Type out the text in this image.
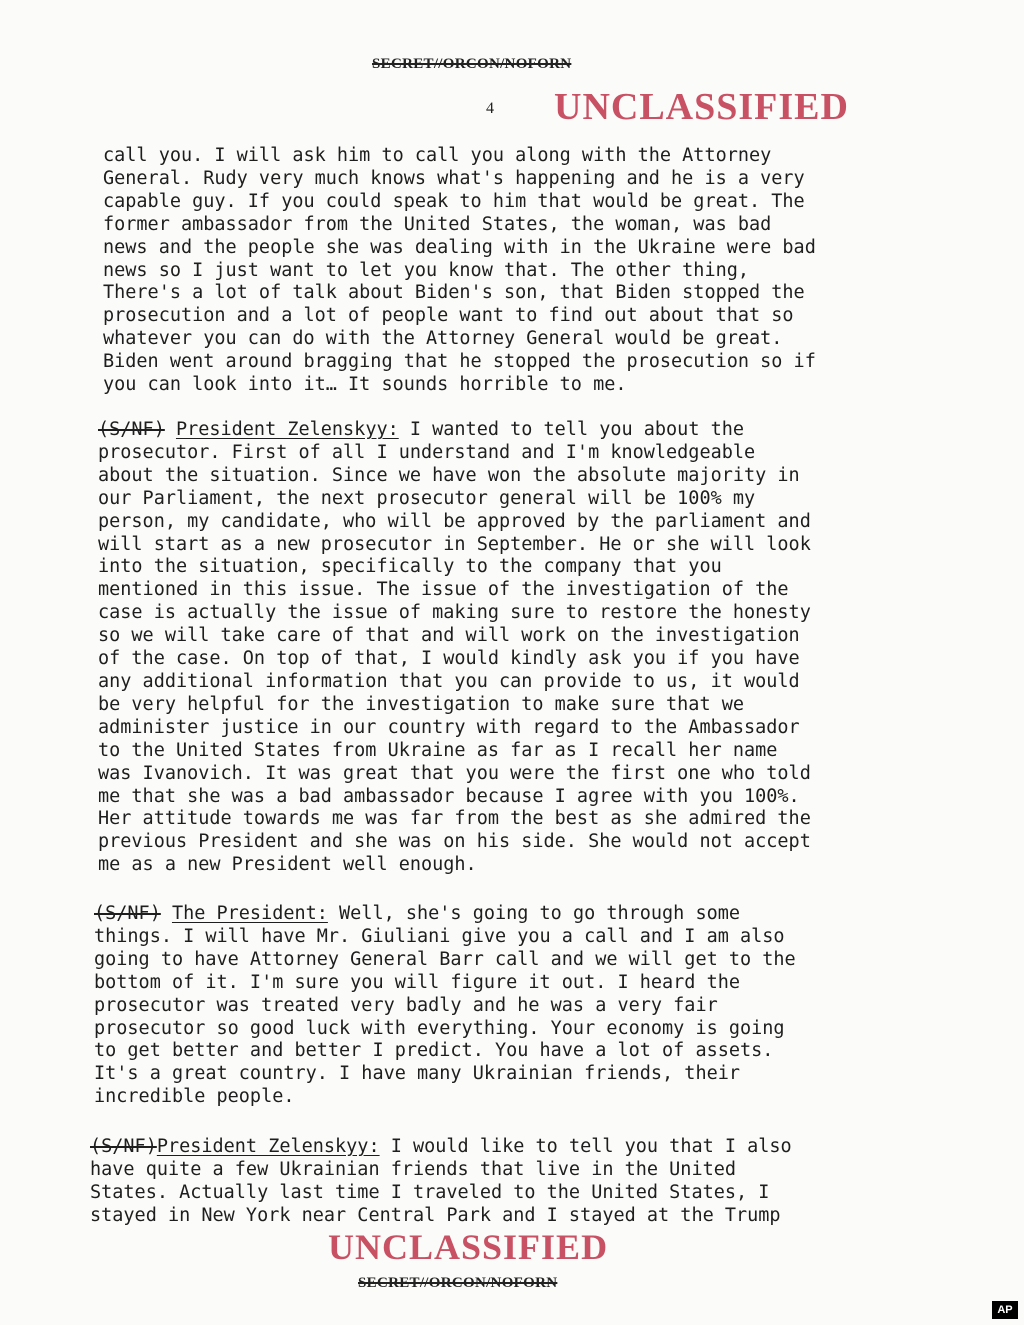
SECRET//ORCON/NOFORN
4 UNCLASSIFIED
call you. I will ask him to call you along with the Attorney
General. Rudy very much knows what's happening and he is a very
capable guy. If you could speak to him that would be great. The
former ambassador from the United States, the woman, was bad
news and the people she was dealing with in the Ukraine were bad
news so I just want to let you know that. The other thing,
There's a lot of talk about Biden's son, that Biden stopped the
prosecution and a lot of people want to find out about that so
whatever you can do with the Attorney General would be great.
Biden went around bragging that he stopped the prosecution so if
you can look into it… It sounds horrible to me.
(S/NF) President Zelenskyy: I wanted to tell you about the
prosecutor. First of all I understand and I'm knowledgeable
about the situation. Since we have won the absolute majority in
our Parliament, the next prosecutor general will be 100% my
person, my candidate, who will be approved by the parliament and
will start as a new prosecutor in September. He or she will look
into the situation, specifically to the company that you
mentioned in this issue. The issue of the investigation of the
case is actually the issue of making sure to restore the honesty
so we will take care of that and will work on the investigation
of the case. On top of that, I would kindly ask you if you have
any additional information that you can provide to us, it would
be very helpful for the investigation to make sure that we
administer justice in our country with regard to the Ambassador
to the United States from Ukraine as far as I recall her name
was Ivanovich. It was great that you were the first one who told
me that she was a bad ambassador because I agree with you 100%.
Her attitude towards me was far from the best as she admired the
previous President and she was on his side. She would not accept
me as a new President well enough.
(S/NF) The President: Well, she's going to go through some
things. I will have Mr. Giuliani give you a call and I am also
going to have Attorney General Barr call and we will get to the
bottom of it. I'm sure you will figure it out. I heard the
prosecutor was treated very badly and he was a very fair
prosecutor so good luck with everything. Your economy is going
to get better and better I predict. You have a lot of assets.
It's a great country. I have many Ukrainian friends, their
incredible people.
(S/NF)President Zelenskyy: I would like to tell you that I also
have quite a few Ukrainian friends that live in the United
States. Actually last time I traveled to the United States, I
stayed in New York near Central Park and I stayed at the Trump
UNCLASSIFIED
SECRET//ORCON/NOFORN
AP
